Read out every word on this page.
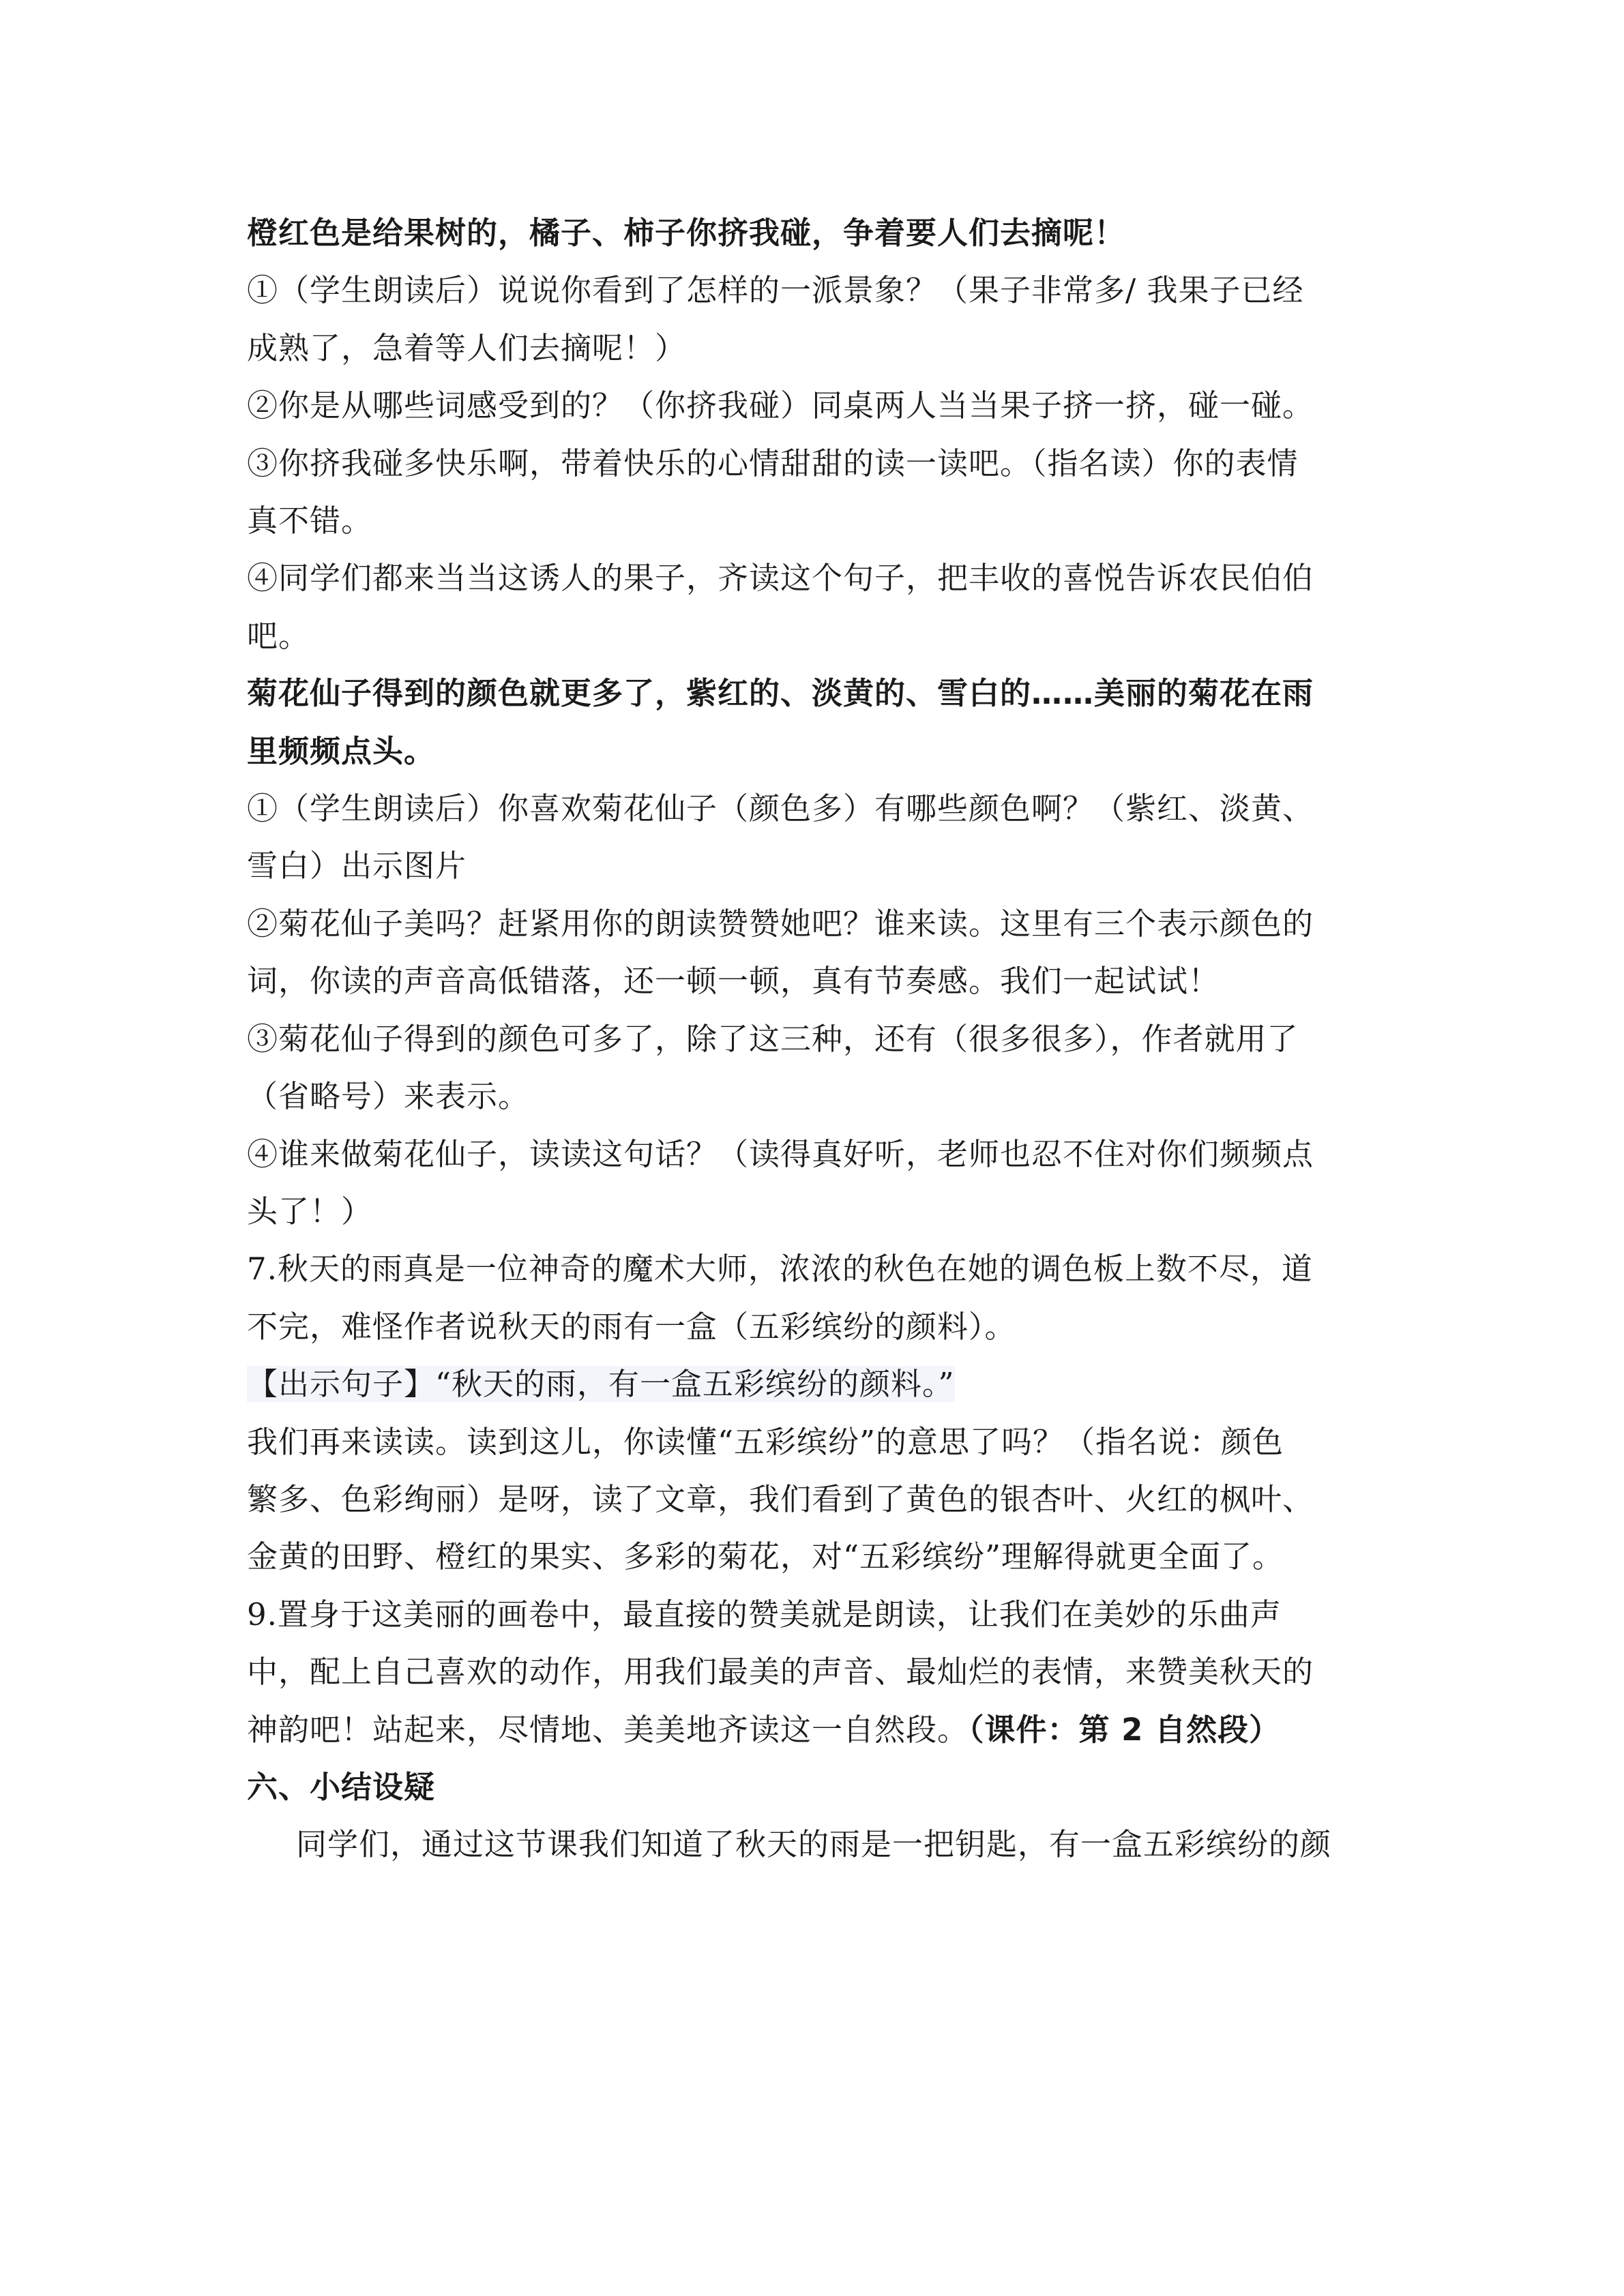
橙红色是给果树的，橘子、柿子你挤我碰，争着要人们去摘呢！

①（学生朗读后）说说你看到了怎样的一派景象？（果子非常多/ 我果子已经

成熟了，急着等人们去摘呢！）

②你是从哪些词感受到的？（你挤我碰）同桌两人当当果子挤一挤，碰一碰。

③你挤我碰多快乐啊，带着快乐的心情甜甜的读一读吧。（指名读）你的表情

真不错。

④同学们都来当当这诱人的果子，齐读这个句子，把丰收的喜悦告诉农民伯伯

吧。

菊花仙子得到的颜色就更多了，紫红的、淡黄的、雪白的……美丽的菊花在雨

里频频点头。

①（学生朗读后）你喜欢菊花仙子（颜色多）有哪些颜色啊？（紫红、淡黄、

雪白）出示图片

②菊花仙子美吗？赶紧用你的朗读赞赞她吧？谁来读。这里有三个表示颜色的

词，你读的声音高低错落，还一顿一顿，真有节奏感。我们一起试试！

③菊花仙子得到的颜色可多了，除了这三种，还有（很多很多），作者就用了

（省略号）来表示。

④谁来做菊花仙子，读读这句话？（读得真好听，老师也忍不住对你们频频点

头了！）

7.秋天的雨真是一位神奇的魔术大师，浓浓的秋色在她的调色板上数不尽，道

不完，难怪作者说秋天的雨有一盒（五彩缤纷的颜料）。

【出示句子】“秋天的雨，有一盒五彩缤纷的颜料。”

我们再来读读。读到这儿，你读懂“五彩缤纷”的意思了吗？（指名说：颜色

繁多、色彩绚丽）是呀，读了文章，我们看到了黄色的银杏叶、火红的枫叶、

金黄的田野、橙红的果实、多彩的菊花，对“五彩缤纷”理解得就更全面了。

9.置身于这美丽的画卷中，最直接的赞美就是朗读，让我们在美妙的乐曲声

中，配上自己喜欢的动作，用我们最美的声音、最灿烂的表情，来赞美秋天的

神韵吧！站起来，尽情地、美美地齐读这一自然段。（课件：第 2 自然段）

六、小结设疑

同学们，通过这节课我们知道了秋天的雨是一把钥匙，有一盒五彩缤纷的颜
